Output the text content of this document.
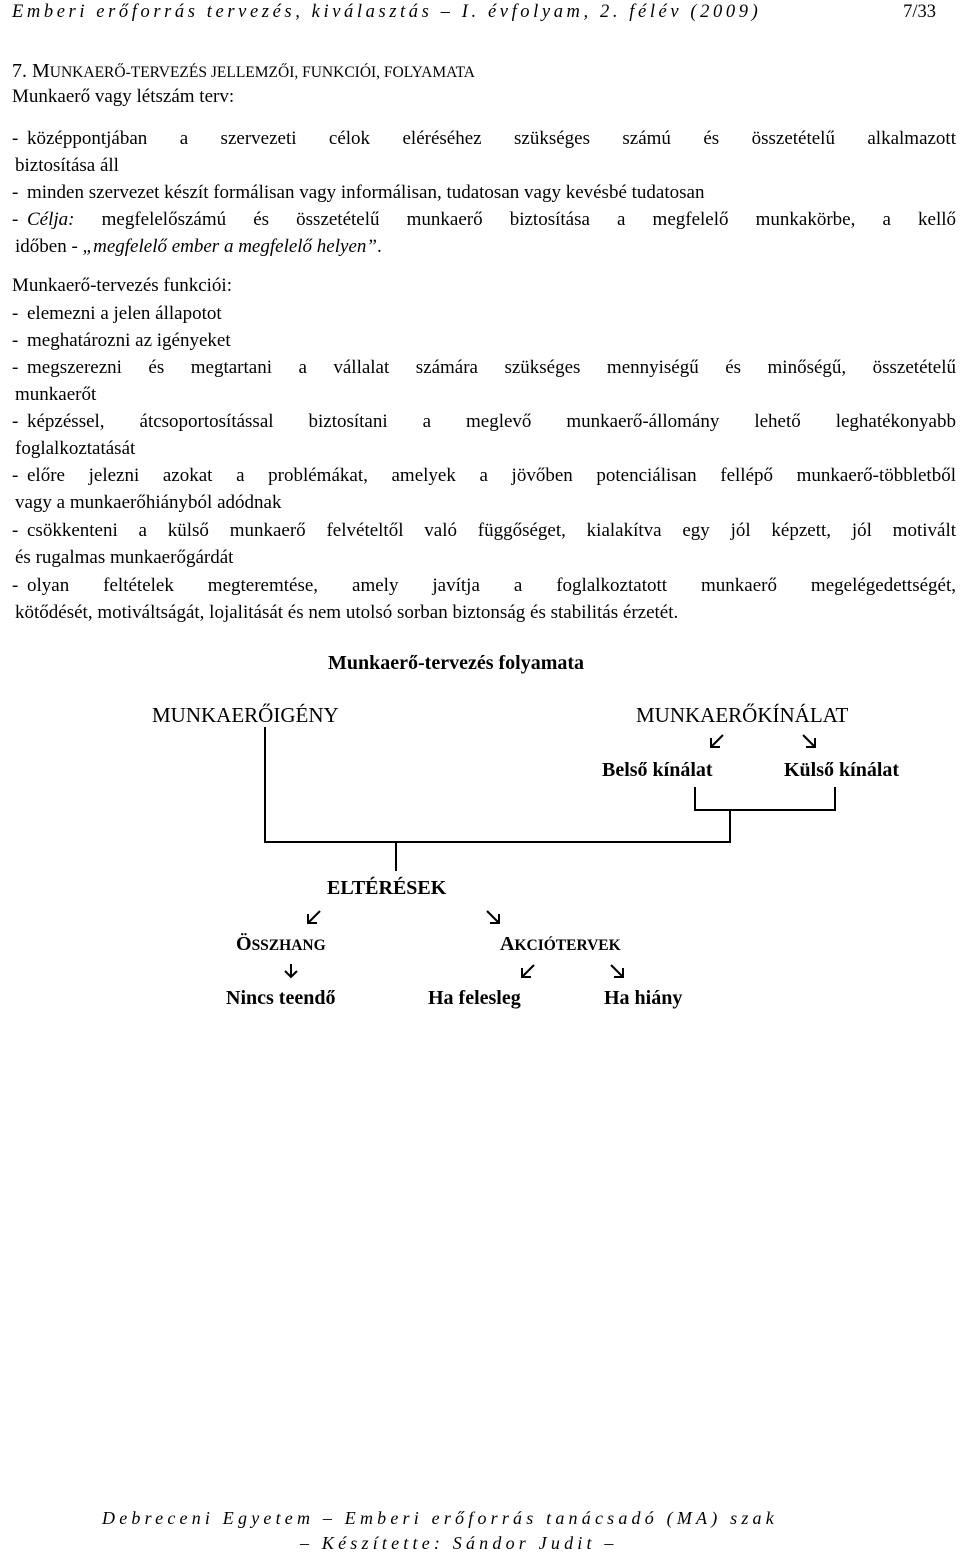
Emberi erőforrás tervezés, kiválasztás – I. évfolyam, 2. félév (2009)	7/33
7. MUNKAERŐ-TERVEZÉS JELLEMZŐI, FUNKCIÓI, FOLYAMATA
Munkaerő vagy létszám terv:
- középpontjában a szervezeti célok eléréséhez szükséges számú és összetételű alkalmazott
biztosítása áll
- minden szervezet készít formálisan vagy informálisan, tudatosan vagy kevésbé tudatosan
- Célja: megfelelőszámú és összetételű munkaerő biztosítása a megfelelő munkakörbe, a kellő
időben - „megfelelő ember a megfelelő helyen”.
Munkaerő-tervezés funkciói:
- elemezni a jelen állapotot
- meghatározni az igényeket
- megszerezni és megtartani a vállalat számára szükséges mennyiségű és minőségű, összetételű
munkaerőt
- képzéssel, átcsoportosítással biztosítani a meglevő munkaerő-állomány lehető leghatékonyabb
foglalkoztatását
- előre jelezni azokat a problémákat, amelyek a jövőben potenciálisan fellépő munkaerő-többletből
vagy a munkaerőhiányból adódnak
- csökkenteni a külső munkaerő felvételtől való függőséget, kialakítva egy jól képzett, jól motivált
és rugalmas munkaerőgárdát
- olyan feltételek megteremtése, amely javítja a foglalkoztatott munkaerő megelégedettségét,
kötődését, motiváltságát, lojalitását és nem utolsó sorban biztonság és stabilitás érzetét.
Munkaerő-tervezés folyamata
MUNKAERŐIGÉNY	MUNKAERŐKÍNÁLAT
Belső kínálat	Külső kínálat
ELTÉRÉSEK
ÖSSZHANG	AKCIÓTERVEK
Nincs teendő	Ha felesleg	Ha hiány
Debreceni Egyetem – Emberi erőforrás tanácsadó (MA) szak
– Készítette: Sándor Judit –
